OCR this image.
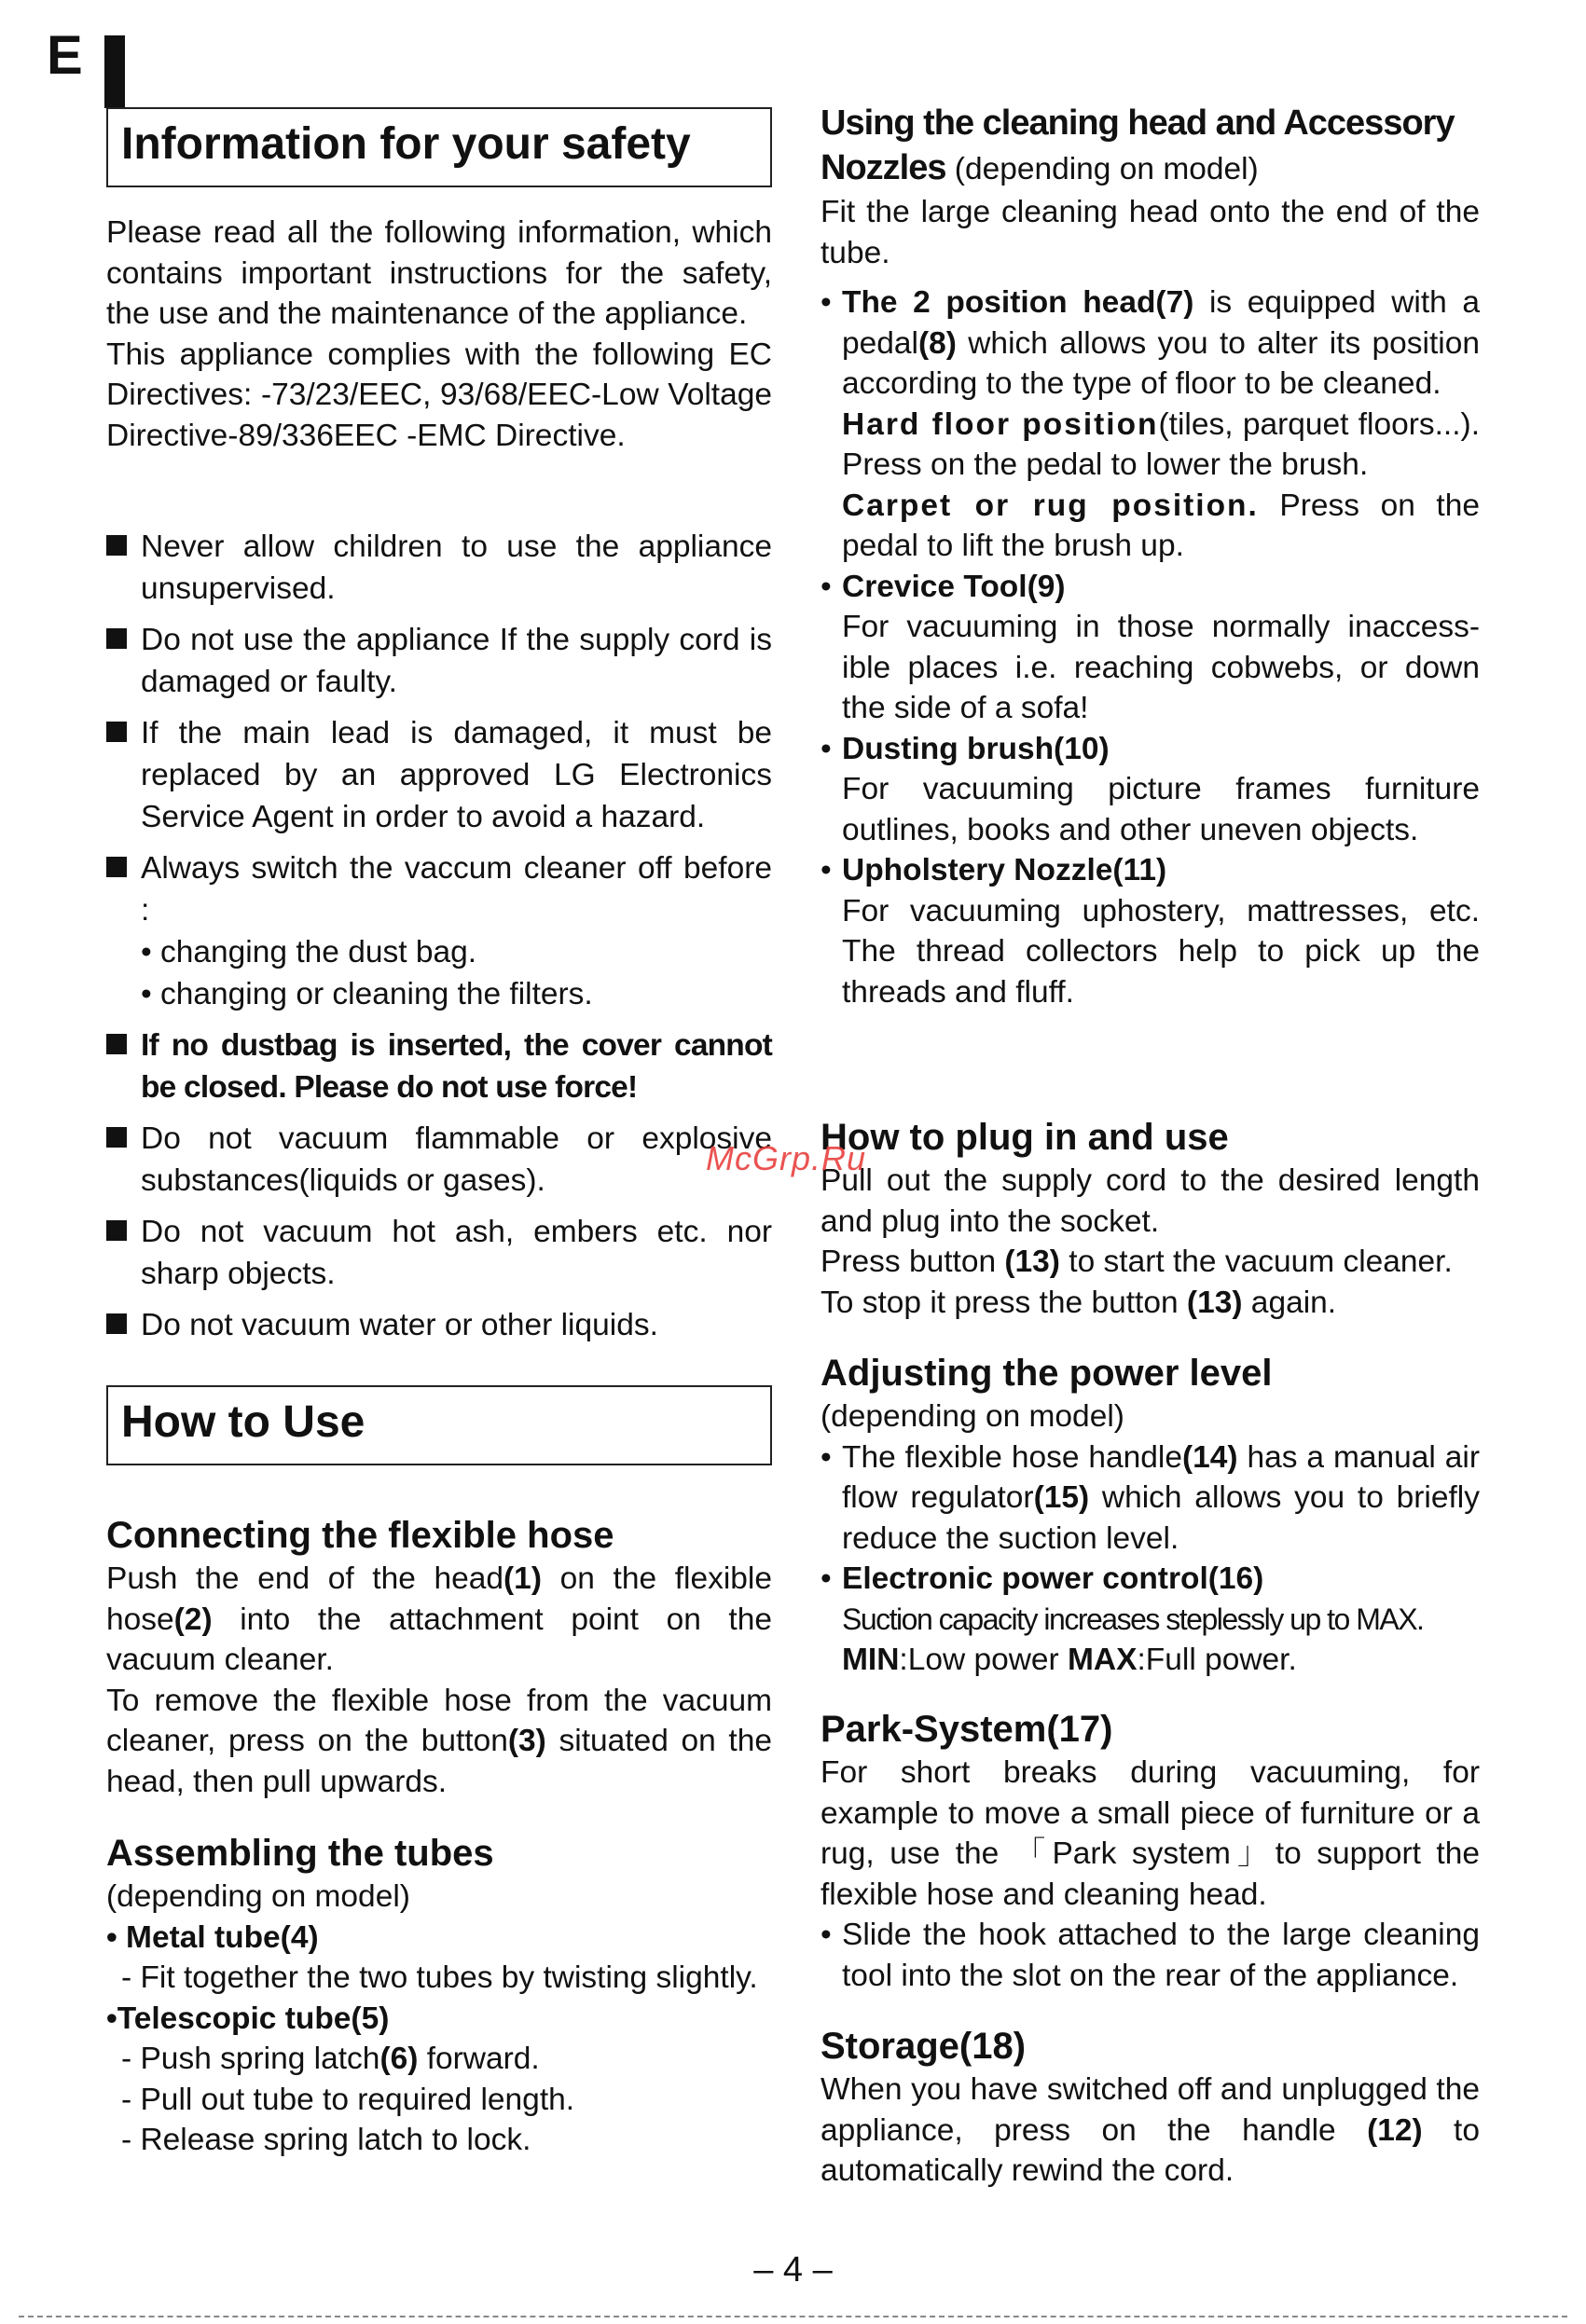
E
Information for your safety

Please read all the following information, which contains important instructions for the safety, the use and the maintenance of the appliance.

This appliance complies with the following EC Directives: -73/23/EEC, 93/68/EEC-Low Voltage Directive-89/336EEC -EMC Directive.

Never allow children to use the appliance unsupervised.

Do not use the appliance If the supply cord is damaged or faulty.

If the main lead is damaged, it must be replaced by an approved LG Electronics Service Agent in order to avoid a hazard.

Always switch the vaccum cleaner off before :

• changing the dust bag.

• changing or cleaning the filters.

If no dustbag is inserted, the cover cannot be closed. Please do not use force!

Do not vacuum flammable or explosive substances(liquids or gases).

Do not vacuum hot ash, embers etc. nor sharp objects.

Do not vacuum water or other liquids.

How to Use

Connecting the flexible hose

Push the end of the head(1) on the flexible hose(2) into the attachment point on the vacuum cleaner.

To remove the flexible hose from the vacuum cleaner, press on the button(3) situated on the head, then pull upwards.

Assembling the tubes

(depending on model)

• Metal tube(4)

- Fit together the two tubes by twisting slightly.

•Telescopic tube(5)

- Push spring latch(6) forward.

- Pull out tube to required length.

- Release spring latch to lock.

Using the cleaning head and Accessory

Nozzles (depending on model)

Fit the large cleaning head onto the end of the tube.

• The 2 position head(7) is equipped with a pedal(8) which allows you to alter its position according to the type of floor to be cleaned.

Hard floor position(tiles, parquet floors...). Press on the pedal to lower the brush.

Carpet or rug position. Press on the pedal to lift the brush up.

• Crevice Tool(9)

For vacuuming in those normally inaccess-ible places i.e. reaching cobwebs, or down the side of a sofa!

• Dusting brush(10)

For vacuuming picture frames furniture outlines, books and other uneven objects.

• Upholstery Nozzle(11)

For vacuuming uphostery, mattresses, etc. The thread collectors help to pick up the threads and fluff.

How to plug in and use

Pull out the supply cord to the desired length and plug into the socket.

Press button (13) to start the vacuum cleaner.

To stop it press the button (13) again.

Adjusting the power level

(depending on model)

• The flexible hose handle(14) has a manual air flow regulator(15) which allows you to briefly reduce the suction level.

• Electronic power control(16)

Suction capacity increases steplessly up to MAX.

MIN:Low power MAX:Full power.

Park-System(17)

For short breaks during vacuuming, for example to move a small piece of furniture or a rug, use the 「Park system」to support the flexible hose and cleaning head.

• Slide the hook attached to the large cleaning tool into the slot on the rear of the appliance.

Storage(18)

When you have switched off and unplugged the appliance, press on the handle (12) to automatically rewind the cord.

McGrp.Ru
– 4 –
